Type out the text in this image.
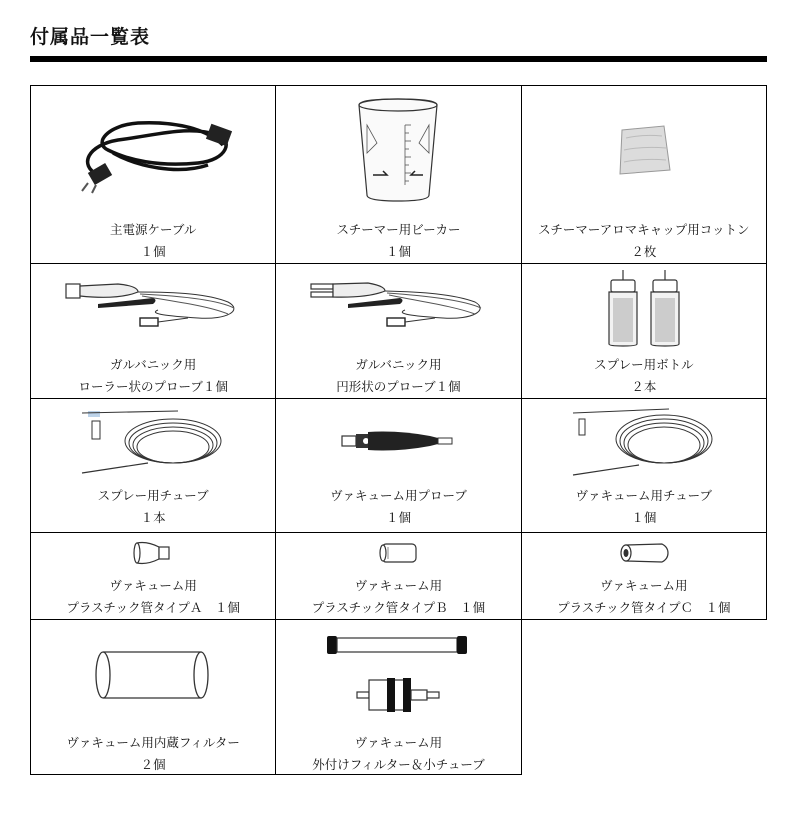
付属品一覧表
主電源ケーブル
１個
スチーマー用ビーカー
１個
スチーマーアロマキャップ用コットン
２枚
ガルバニック用
ローラー状のプローブ１個
ガルバニック用
円形状のプローブ１個
スプレー用ボトル
２本
スプレー用チューブ
１本
ヴァキューム用プローブ
１個
ヴァキューム用チューブ
１個
ヴァキューム用
プラスチック管タイプＡ　１個
ヴァキューム用
プラスチック管タイプＢ　１個
ヴァキューム用
プラスチック管タイプＣ　１個
ヴァキューム用内蔵フィルター
２個
ヴァキューム用
外付けフィルター＆小チューブ
